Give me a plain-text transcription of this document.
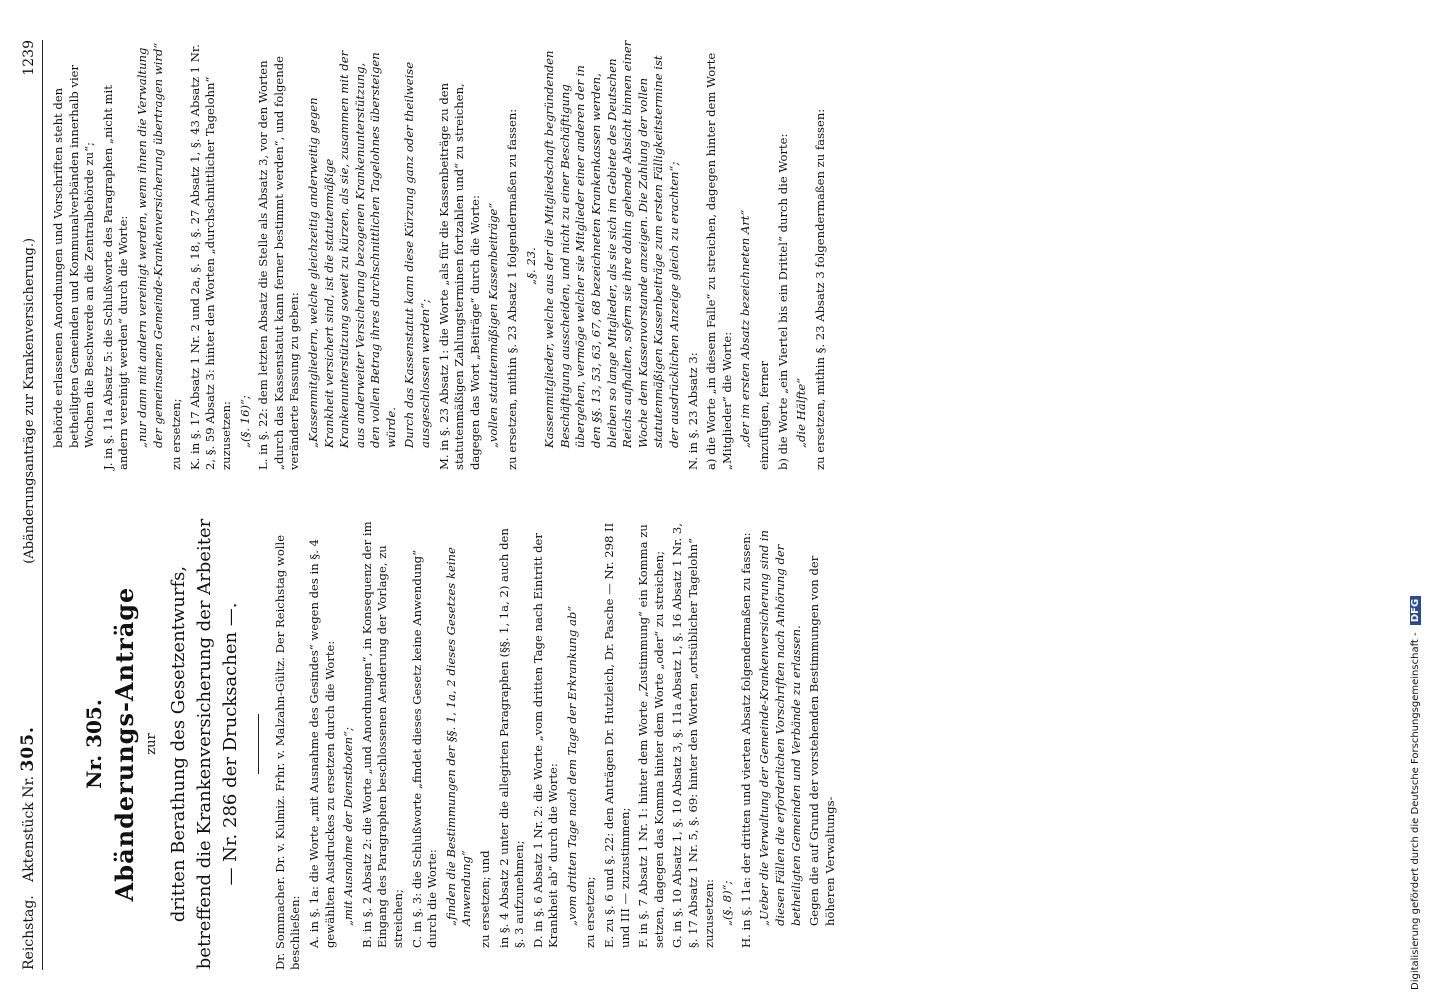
Reichstag.   Aktenstück Nr. 305.
(Abänderungsanträge zur Krankenversicherung.)
1239
Nr. 305. Abänderungs-Anträge zur dritten Berathung des Gesetzentwurfs, betreffend die Krankenversicherung der Arbeiter — Nr. 286 der Drucksachen —.	Dr. Sommacher. Dr. v. Kulmiz. Frhr. v. Malzahn-Gültz. Der Reichstag wolle beschließen: A. in §. 1a: die Worte „mit Ausnahme des Gesindes“ wegen des in §. 4 gewählten Ausdruckes zu ersetzen durch die Worte: „mit Ausnahme der Dienstboten“; B. in §. 2 Absatz 2: die Worte „und Anordnungen“, in Konsequenz der im Eingang des Paragraphen beschlossenen Aenderung der Vorlage, zu streichen; C. in §. 3: die Schlußworte „findet dieses Gesetz keine Anwendung“ durch die Worte: „finden die Bestimmungen der §§. 1, 1a, 2 dieses Gesetzes keine Anwendung“ zu ersetzen; und in §. 4 Absatz 2 unter die allegirten Paragraphen (§§. 1, 1a, 2) auch den §. 3 aufzunehmen; D. in §. 6 Absatz 1 Nr. 2: die Worte „vom dritten Tage nach Eintritt der Krankheit ab“ durch die Worte: „vom dritten Tage nach dem Tage der Erkrankung ab“ zu ersetzen; E. zu §. 6 und §. 22: den Anträgen Dr. Hutzleich, Dr. Pasche — Nr. 298 II und III — zuzustimmen; F. in §. 7 Absatz 1 Nr. 1: hinter dem Worte „Zustimmung“ ein Komma zu setzen, dagegen das Komma hinter dem Worte „oder“ zu streichen; G. in §. 10 Absatz 1, §. 10 Absatz 3, §. 11a Absatz 1, §. 16 Absatz 1 Nr. 3, §. 17 Absatz 1 Nr. 5, §. 69: hinter den Worten „ortsüblicher Tagelohn“ zuzusetzen: „(§. 8)“; H. in §. 11a: der dritten und vierten Absatz folgendermaßen zu fassen: „Ueber die Verwaltung der Gemeinde-Krankenversicherung sind in diesen Fällen die erforderlichen Vorschriften nach Anhörung der betheiligten Gemeinden und Verbände zu erlassen. Gegen die auf Grund der vorstehenden Bestimmungen von der höheren Verwaltungs-

behörde erlassenen Anordnungen und Vorschriften steht den betheiligten Gemeinden und Kommunalverbänden innerhalb vier Wochen die Beschwerde an die Zentralbehörde zu“; J. in §. 11a Absatz 5: die Schlußworte des Paragraphen „nicht mit andern vereinigt werden“ durch die Worte: „nur dann mit andern vereinigt werden, wenn ihnen die Verwaltung der gemeinsamen Gemeinde-Krankenversicherung übertragen wird“ zu ersetzen; K. in §. 17 Absatz 1 Nr. 2 und 2a, §. 18, §. 27 Absatz 1, §. 43 Absatz 1 Nr. 2, §. 59 Absatz 3: hinter den Worten „durchschnittlicher Tagelohn“ zuzusetzen: „(§. 16)“; L. in §. 22: dem letzten Absatz die Stelle als Absatz 3, vor den Worten „durch das Kassenstatut kann ferner bestimmt werden“, und folgende veränderte Fassung zu geben: „Kassenmitgliedern, welche gleichzeitig anderweitig gegen Krankheit versichert sind, ist die statutenmäßige Krankenunterstützung soweit zu kürzen, als sie, zusammen mit der aus anderweiter Versicherung bezogenen Krankenunterstützung, den vollen Betrag ihres durchschnittlichen Tagelohnes übersteigen würde. Durch das Kassenstatut kann diese Kürzung ganz oder theilweise ausgeschlossen werden“; M. in §. 23 Absatz 1: die Worte „als für die Kassenbeiträge zu den statutenmäßigen Zahlungsterminen fortzahlen und“ zu streichen, dagegen das Wort „Beiträge“ durch die Worte: „vollen statutenmäßigen Kassenbeiträge“ zu ersetzen, mithin §. 23 Absatz 1 folgendermaßen zu fassen: „§. 23. Kassenmitglieder, welche aus der die Mitgliedschaft begründenden Beschäftigung ausscheiden, und nicht zu einer Beschäftigung übergehen, vermöge welcher sie Mitglieder einer anderen der in den §§. 13, 53, 63, 67, 68 bezeichneten Krankenkassen werden, bleiben so lange Mitglieder, als sie sich im Gebiete des Deutschen Reichs aufhalten, sofern sie ihre dahin gehende Absicht binnen einer Woche dem Kassenvorstande anzeigen. Die Zahlung der vollen statutenmäßigen Kassenbeiträge zum ersten Fälligkeitstermine ist der ausdrücklichen Anzeige gleich zu erachten“; N. in §. 23 Absatz 3: a) die Worte „in diesem Falle“ zu streichen, dagegen hinter dem Worte „Mitglieder“ die Worte: „der im ersten Absatz bezeichneten Art“ einzufügen, ferner b) die Worte „ein Viertel bis ein Drittel“ durch die Worte: „die Hälfte“ zu ersetzen, mithin §. 23 Absatz 3 folgendermaßen zu fassen:

Digitalisierung gefördert durch die Deutsche Forschungsgemeinschaft - DFG
